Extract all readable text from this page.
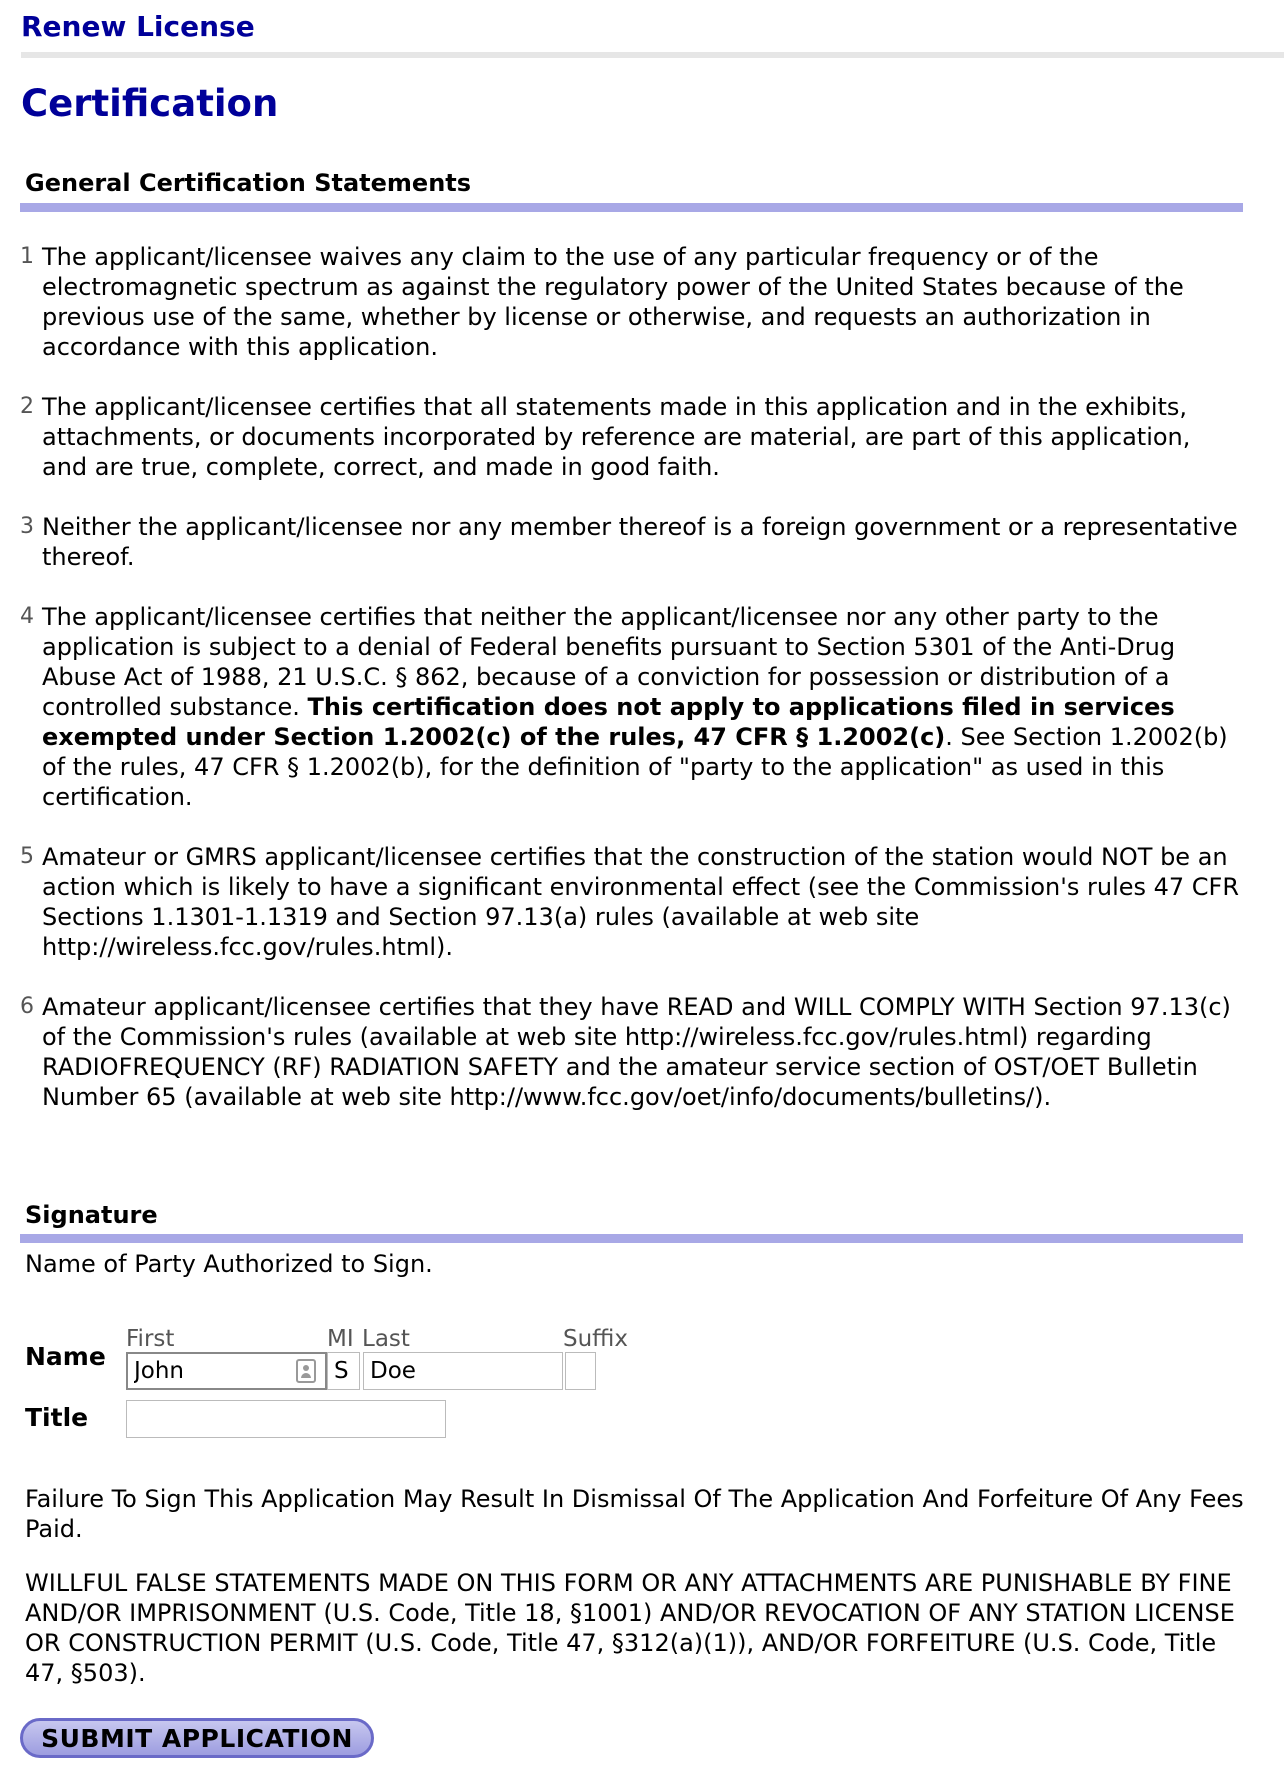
Renew License
Certification
General Certification Statements
1 The applicant/licensee waives any claim to the use of any particular frequency or of the electromagnetic spectrum as against the regulatory power of the United States because of the previous use of the same, whether by license or otherwise, and requests an authorization in accordance with this application.
2 The applicant/licensee certifies that all statements made in this application and in the exhibits, attachments, or documents incorporated by reference are material, are part of this application, and are true, complete, correct, and made in good faith.
3 Neither the applicant/licensee nor any member thereof is a foreign government or a representative thereof.
4 The applicant/licensee certifies that neither the applicant/licensee nor any other party to the application is subject to a denial of Federal benefits pursuant to Section 5301 of the Anti-Drug Abuse Act of 1988, 21 U.S.C. § 862, because of a conviction for possession or distribution of a controlled substance. This certification does not apply to applications filed in services exempted under Section 1.2002(c) of the rules, 47 CFR § 1.2002(c). See Section 1.2002(b) of the rules, 47 CFR § 1.2002(b), for the definition of "party to the application" as used in this certification.
5 Amateur or GMRS applicant/licensee certifies that the construction of the station would NOT be an action which is likely to have a significant environmental effect (see the Commission's rules 47 CFR Sections 1.1301-1.1319 and Section 97.13(a) rules (available at web site http://wireless.fcc.gov/rules.html).
6 Amateur applicant/licensee certifies that they have READ and WILL COMPLY WITH Section 97.13(c) of the Commission's rules (available at web site http://wireless.fcc.gov/rules.html) regarding RADIOFREQUENCY (RF) RADIATION SAFETY and the amateur service section of OST/OET Bulletin Number 65 (available at web site http://www.fcc.gov/oet/info/documents/bulletins/).
Signature
Name of Party Authorized to Sign.
First	MI Last	Suffix
Name
John
S
Doe
Title
Failure To Sign This Application May Result In Dismissal Of The Application And Forfeiture Of Any Fees Paid.
WILLFUL FALSE STATEMENTS MADE ON THIS FORM OR ANY ATTACHMENTS ARE PUNISHABLE BY FINE AND/OR IMPRISONMENT (U.S. Code, Title 18, §1001) AND/OR REVOCATION OF ANY STATION LICENSE OR CONSTRUCTION PERMIT (U.S. Code, Title 47, §312(a)(1)), AND/OR FORFEITURE (U.S. Code, Title 47, §503).
SUBMIT APPLICATION
